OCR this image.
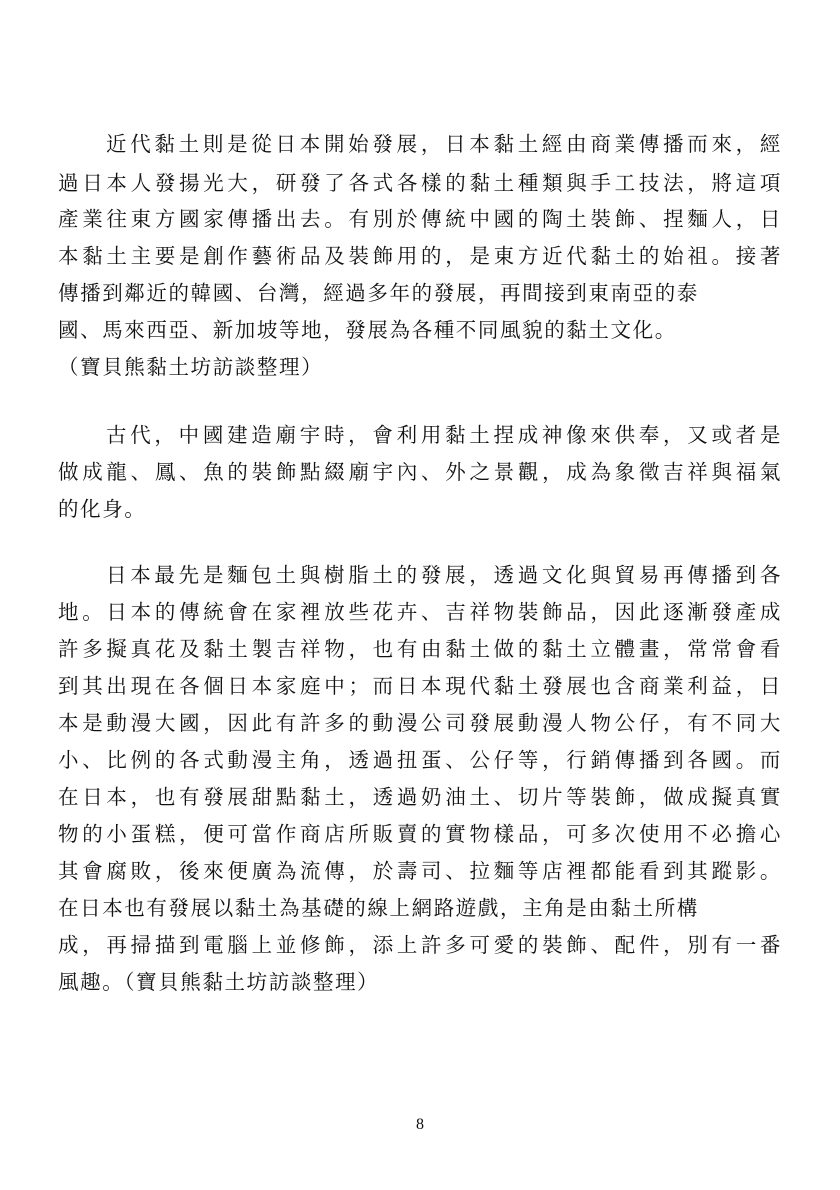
近代黏土則是從日本開始發展，日本黏土經由商業傳播而來，經
過日本人發揚光大，研發了各式各樣的黏土種類與手工技法，將這項
產業往東方國家傳播出去。有別於傳統中國的陶土裝飾、捏麵人，日
本黏土主要是創作藝術品及裝飾用的，是東方近代黏土的始祖。接著
傳播到鄰近的韓國、台灣，經過多年的發展，再間接到東南亞的泰
國、馬來西亞、新加坡等地，發展為各種不同風貌的黏土文化。
（寶貝熊黏土坊訪談整理）
古代，中國建造廟宇時，會利用黏土捏成神像來供奉，又或者是
做成龍、鳳、魚的裝飾點綴廟宇內、外之景觀，成為象徵吉祥與福氣
的化身。
日本最先是麵包土與樹脂土的發展，透過文化與貿易再傳播到各
地。日本的傳統會在家裡放些花卉、吉祥物裝飾品，因此逐漸發產成
許多擬真花及黏土製吉祥物，也有由黏土做的黏土立體畫，常常會看
到其出現在各個日本家庭中；而日本現代黏土發展也含商業利益，日
本是動漫大國，因此有許多的動漫公司發展動漫人物公仔，有不同大
小、比例的各式動漫主角，透過扭蛋、公仔等，行銷傳播到各國。而
在日本，也有發展甜點黏土，透過奶油土、切片等裝飾，做成擬真實
物的小蛋糕，便可當作商店所販賣的實物樣品，可多次使用不必擔心
其會腐敗，後來便廣為流傳，於壽司、拉麵等店裡都能看到其蹤影。
在日本也有發展以黏土為基礎的線上網路遊戲，主角是由黏土所構
成，再掃描到電腦上並修飾，添上許多可愛的裝飾、配件，別有一番
風趣。（寶貝熊黏土坊訪談整理）
8
